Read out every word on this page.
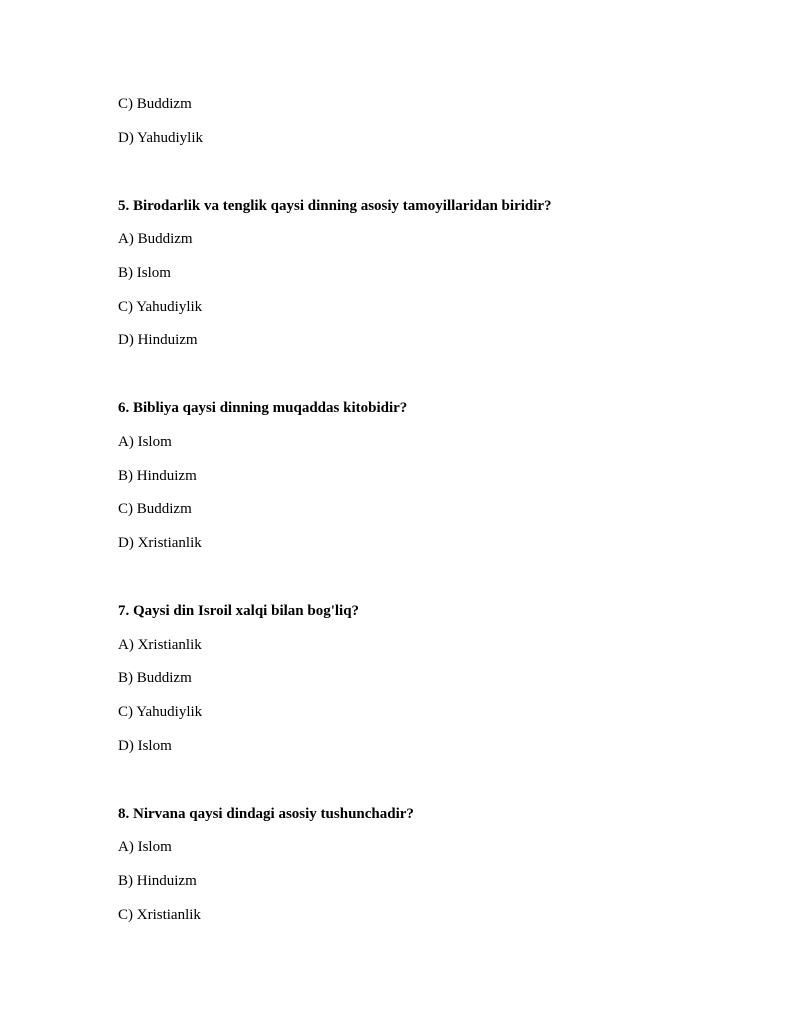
C) Buddizm
D) Yahudiylik
5. Birodarlik va tenglik qaysi dinning asosiy tamoyillaridan biridir?
A) Buddizm
B) Islom
C) Yahudiylik
D) Hinduizm
6. Bibliya qaysi dinning muqaddas kitobidir?
A) Islom
B) Hinduizm
C) Buddizm
D) Xristianlik
7. Qaysi din Isroil xalqi bilan bog'liq?
A) Xristianlik
B) Buddizm
C) Yahudiylik
D) Islom
8. Nirvana qaysi dindagi asosiy tushunchadir?
A) Islom
B) Hinduizm
C) Xristianlik
